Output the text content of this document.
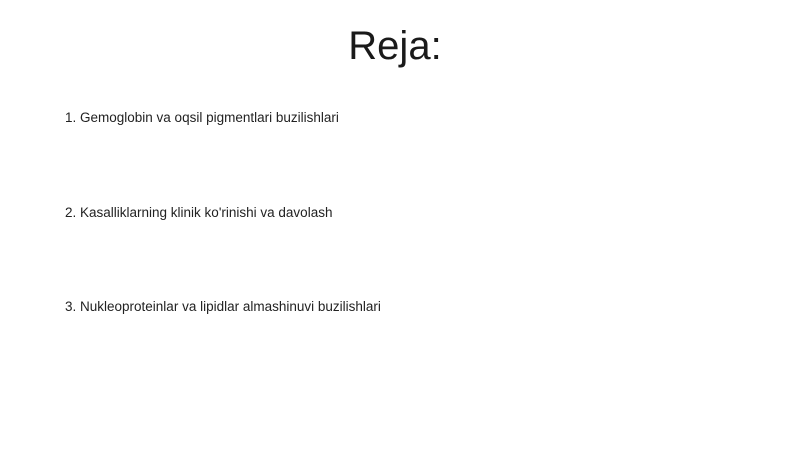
Reja:
1. Gemoglobin va oqsil pigmentlari buzilishlari
2. Kasalliklarning klinik ko'rinishi va davolash
3. Nukleoproteinlar va lipidlar almashinuvi buzilishlari
